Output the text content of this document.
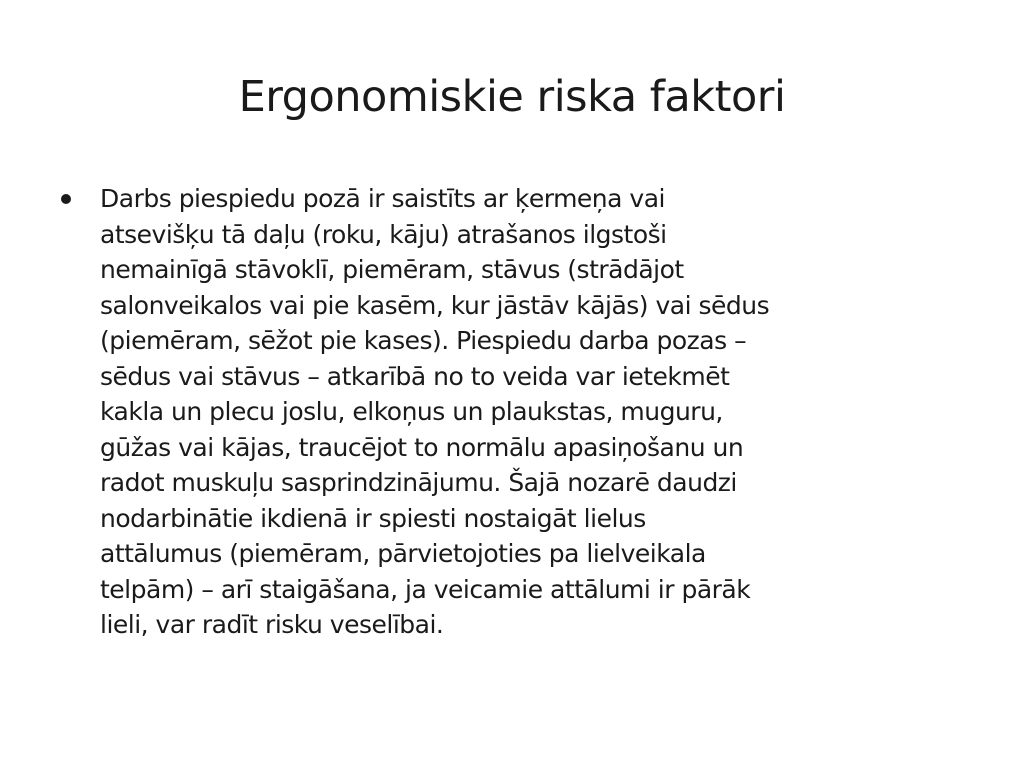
Ergonomiskie riska faktori
Darbs piespiedu pozā ir saistīts ar ķermeņa vai
atsevišķu tā daļu (roku, kāju) atrašanos ilgstoši
nemainīgā stāvoklī, piemēram, stāvus (strādājot
salonveikalos vai pie kasēm, kur jāstāv kājās) vai sēdus
(piemēram, sēžot pie kases). Piespiedu darba pozas –
sēdus vai stāvus – atkarībā no to veida var ietekmēt
kakla un plecu joslu, elkoņus un plaukstas, muguru,
gūžas vai kājas, traucējot to normālu apasiņošanu un
radot muskuļu sasprindzinājumu. Šajā nozarē daudzi
nodarbinātie ikdienā ir spiesti nostaigāt lielus
attālumus (piemēram, pārvietojoties pa lielveikala
telpām) – arī staigāšana, ja veicamie attālumi ir pārāk
lieli, var radīt risku veselībai.
